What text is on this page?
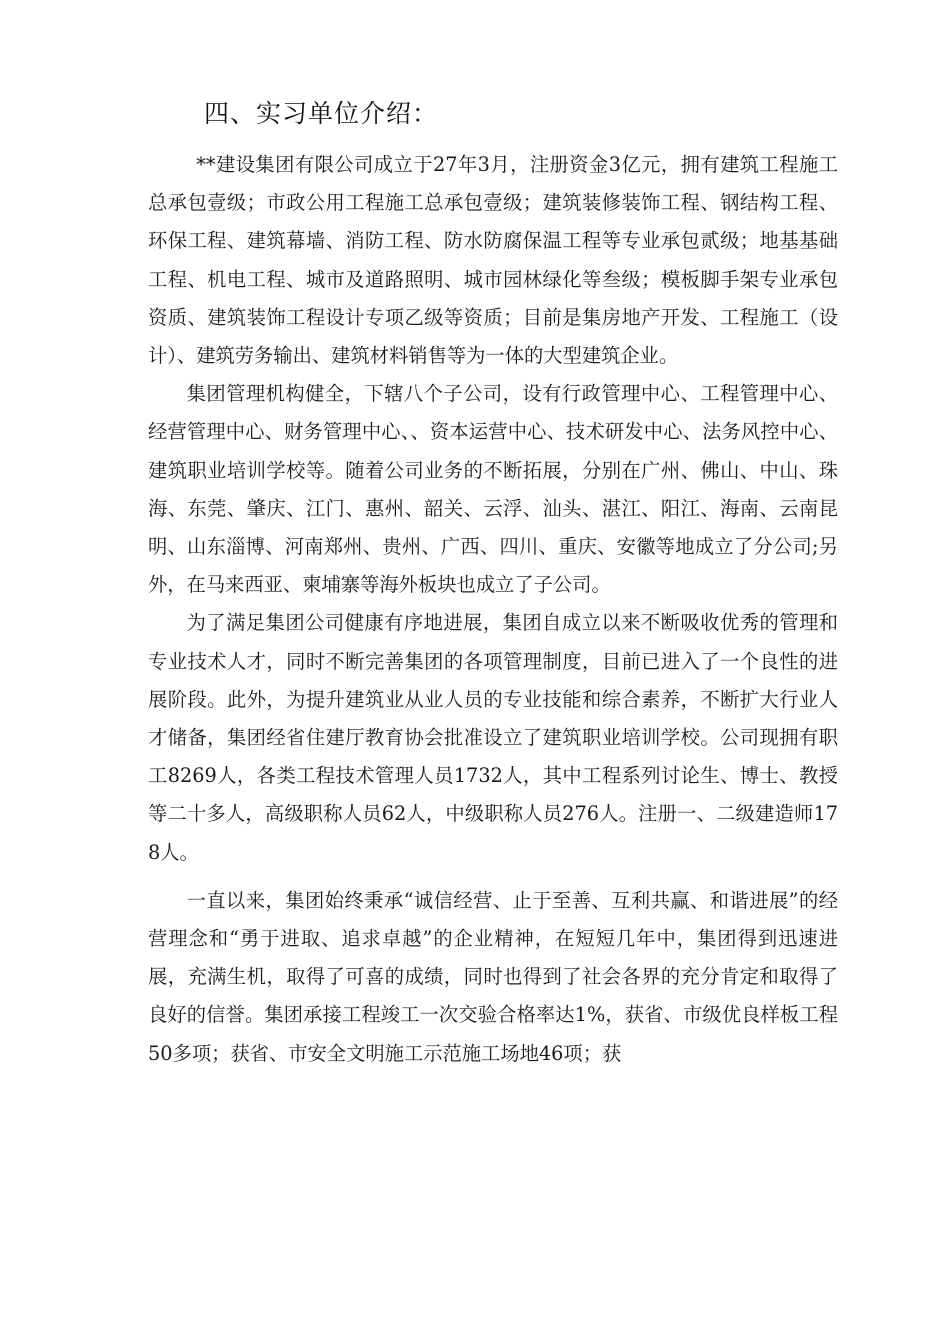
四、实习单位介绍：

**建设集团有限公司成立于27年3月，注册资金3亿元，拥有建筑工程施工总承包壹级；市政公用工程施工总承包壹级；建筑装修装饰工程、钢结构工程、环保工程、建筑幕墙、消防工程、防水防腐保温工程等专业承包贰级；地基基础工程、机电工程、城市及道路照明、城市园林绿化等叁级；模板脚手架专业承包资质、建筑装饰工程设计专项乙级等资质；目前是集房地产开发、工程施工（设计）、建筑劳务输出、建筑材料销售等为一体的大型建筑企业。

集团管理机构健全，下辖八个子公司，设有行政管理中心、工程管理中心、经营管理中心、财务管理中心、、资本运营中心、技术研发中心、法务风控中心、建筑职业培训学校等。随着公司业务的不断拓展，分别在广州、佛山、中山、珠海、东莞、肇庆、江门、惠州、韶关、云浮、汕头、湛江、阳江、海南、云南昆明、山东淄博、河南郑州、贵州、广西、四川、重庆、安徽等地成立了分公司;另外，在马来西亚、柬埔寨等海外板块也成立了子公司。

为了满足集团公司健康有序地进展，集团自成立以来不断吸收优秀的管理和专业技术人才，同时不断完善集团的各项管理制度，目前已进入了一个良性的进展阶段。此外，为提升建筑业从业人员的专业技能和综合素养，不断扩大行业人才储备，集团经省住建厅教育协会批准设立了建筑职业培训学校。公司现拥有职工8269人，各类工程技术管理人员1732人，其中工程系列讨论生、博士、教授等二十多人，高级职称人员62人，中级职称人员276人。注册一、二级建造师178人。

一直以来，集团始终秉承“诚信经营、止于至善、互利共赢、和谐进展”的经营理念和“勇于进取、追求卓越”的企业精神，在短短几年中，集团得到迅速进展，充满生机，取得了可喜的成绩，同时也得到了社会各界的充分肯定和取得了良好的信誉。集团承接工程竣工一次交验合格率达1%，获省、市级优良样板工程50多项；获省、市安全文明施工示范施工场地46项；获
